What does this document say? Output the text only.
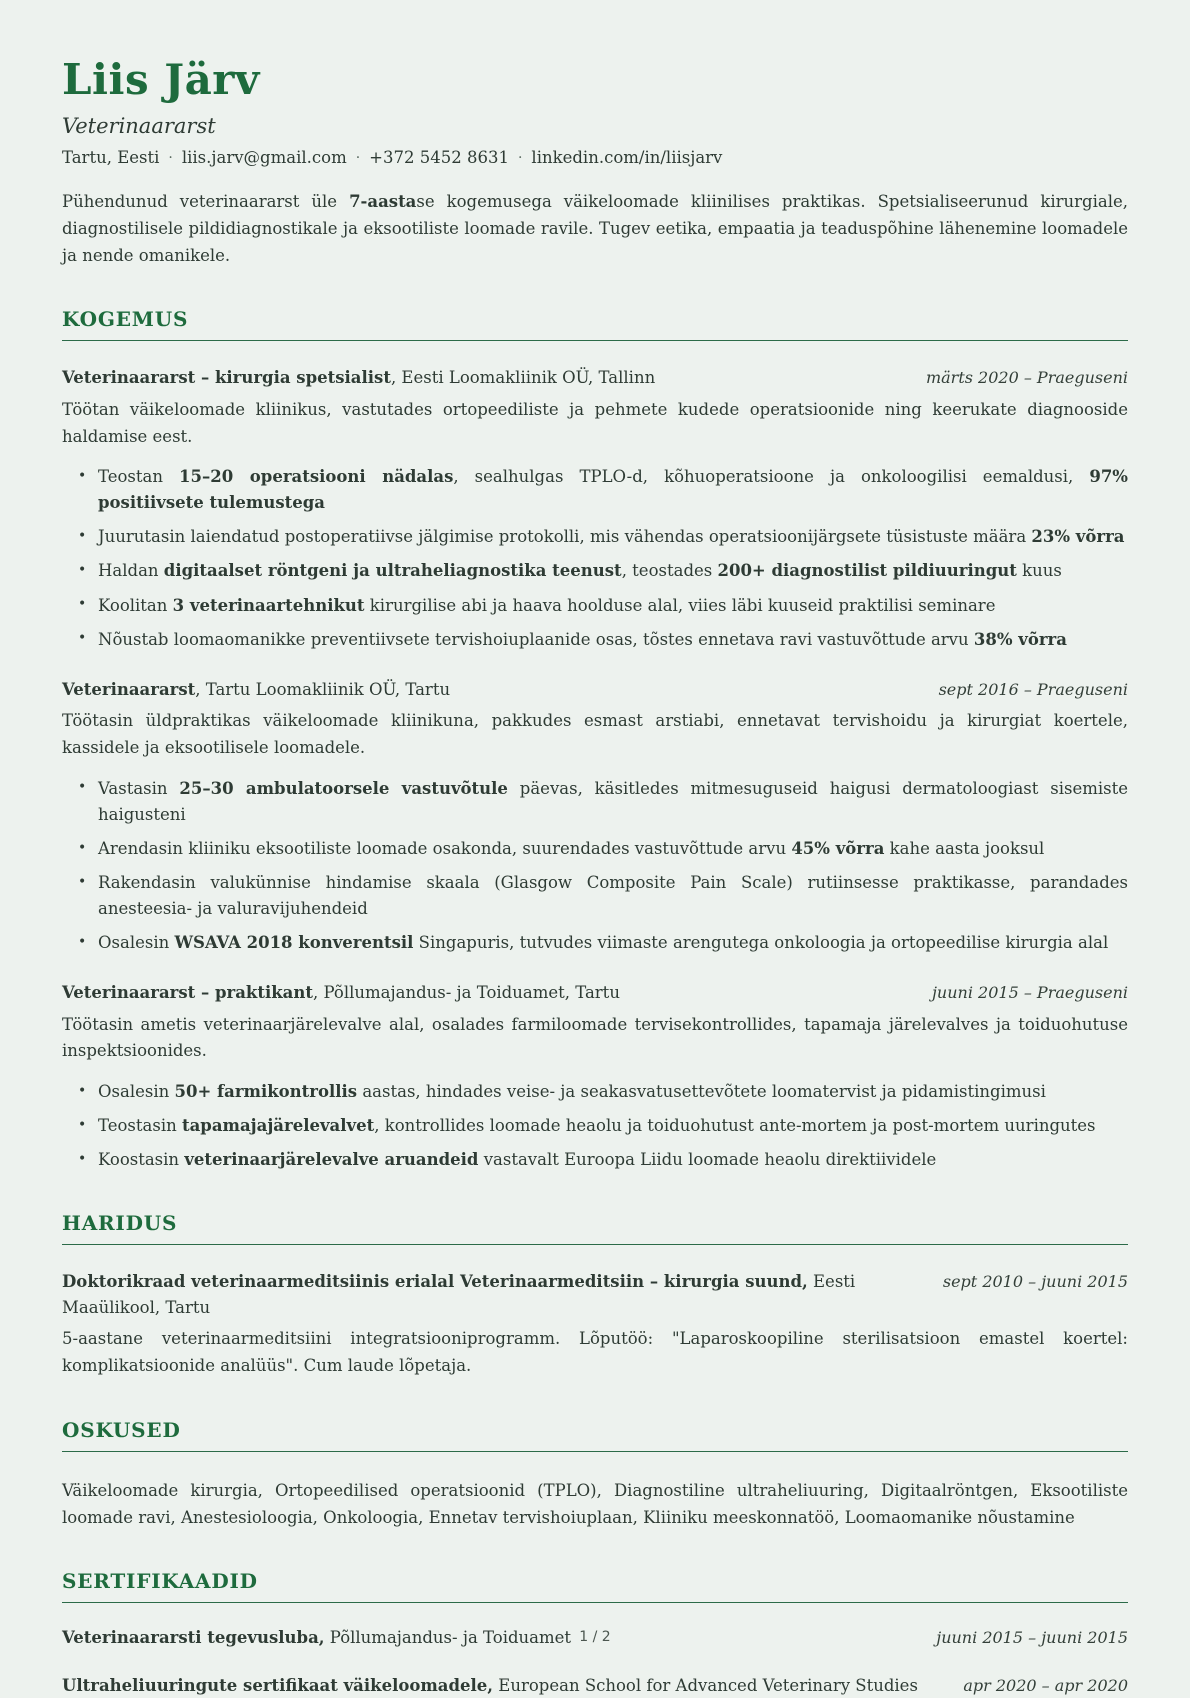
Liis Järv
Veterinaararst
Tartu, Eesti · liis.jarv@gmail.com · +372 5452 8631 · linkedin.com/in/liisjarv

Pühendunud veterinaararst üle 7-aastase kogemusega väikeloomade kliinilises praktikas. Spetsialiseerunud kirurgiale, diagnostilisele pildidiagnostikale ja eksootiliste loomade ravile. Tugev eetika, empaatia ja teaduspõhine lähenemine loomadele ja nende omanikele.

KOGEMUS
Veterinaararst – kirurgia spetsialist, Eesti Loomakliinik OÜ, Tallinn	märts 2020 – Praeguseni

Töötan väikeloomade kliinikus, vastutades ortopeediliste ja pehmete kudede operatsioonide ning keerukate diagnooside haldamise eest.

• Teostan 15–20 operatsiooni nädalas, sealhulgas TPLO-d, kõhuoperatsioone ja onkoloogilisi eemaldusi, 97% positiivsete tulemustega
• Juurutasin laiendatud postoperatiivse jälgimise protokolli, mis vähendas operatsioonijärgsete tüsistuste määra 23% võrra
• Haldan digitaalset röntgeni ja ultraheliagnostika teenust, teostades 200+ diagnostilist pildiuuringut kuus
• Koolitan 3 veterinaartehnikut kirurgilise abi ja haava hoolduse alal, viies läbi kuuseid praktilisi seminare
• Nõustab loomaomanikke preventiivsete tervishoiuplaanide osas, tõstes ennetava ravi vastuvõttude arvu 38% võrra
Veterinaararst, Tartu Loomakliinik OÜ, Tartu	sept 2016 – Praeguseni

Töötasin üldpraktikas väikeloomade kliinikuna, pakkudes esmast arstiabi, ennetavat tervishoidu ja kirurgiat koertele, kassidele ja eksootilisele loomadele.

• Vastasin 25–30 ambulatoorsele vastuvõtule päevas, käsitledes mitmesuguseid haigusi dermatoloogiast sisemiste haigusteni
• Arendasin kliiniku eksootiliste loomade osakonda, suurendades vastuvõttude arvu 45% võrra kahe aasta jooksul
• Rakendasin valukünnise hindamise skaala (Glasgow Composite Pain Scale) rutiinsesse praktikasse, parandades anesteesia- ja valuravijuhendeid
• Osalesin WSAVA 2018 konverentsil Singapuris, tutvudes viimaste arengutega onkoloogia ja ortopeedilise kirurgia alal
Veterinaararst – praktikant, Põllumajandus- ja Toiduamet, Tartu	juuni 2015 – Praeguseni

Töötasin ametis veterinaarjärelevalve alal, osalades farmiloomade tervisekontrollides, tapamaja järelevalves ja toiduohutuse inspektsioonides.

• Osalesin 50+ farmikontrollis aastas, hindades veise- ja seakasvatusettevõtete loomatervist ja pidamistingimusi
• Teostasin tapamajajärelevalvet, kontrollides loomade heaolu ja toiduohutust ante-mortem ja post-mortem uuringutes
• Koostasin veterinaarjärelevalve aruandeid vastavalt Euroopa Liidu loomade heaolu direktiividele
HARIDUS
Doktorikraad veterinaarmeditsiinis erialal Veterinaarmeditsiin – kirurgia suund, Eesti Maaülikool, Tartu
sept 2010 – juuni 2015

5-aastane veterinaarmeditsiini integratsiooniprogramm. Lõputöö: "Laparoskoopiline sterilisatsioon emastel koertel: komplikatsioonide analüüs". Cum laude lõpetaja.

OSKUSED

Väikeloomade kirurgia, Ortopeedilised operatsioonid (TPLO), Diagnostiline ultraheliuuring, Digitaalröntgen, Eksootiliste loomade ravi, Anestesioloogia, Onkoloogia, Ennetav tervishoiuplaan, Kliiniku meeskonnatöö, Loomaomanike nõustamine

SERTIFIKAADID
Veterinaararsti tegevusluba, Põllumajandus- ja Toiduamet	juuni 2015 – juuni 2015
Ultraheliuuringute sertifikaat väikeloomadele, European School for Advanced Veterinary Studies	apr 2020 – apr 2020
1 / 2
